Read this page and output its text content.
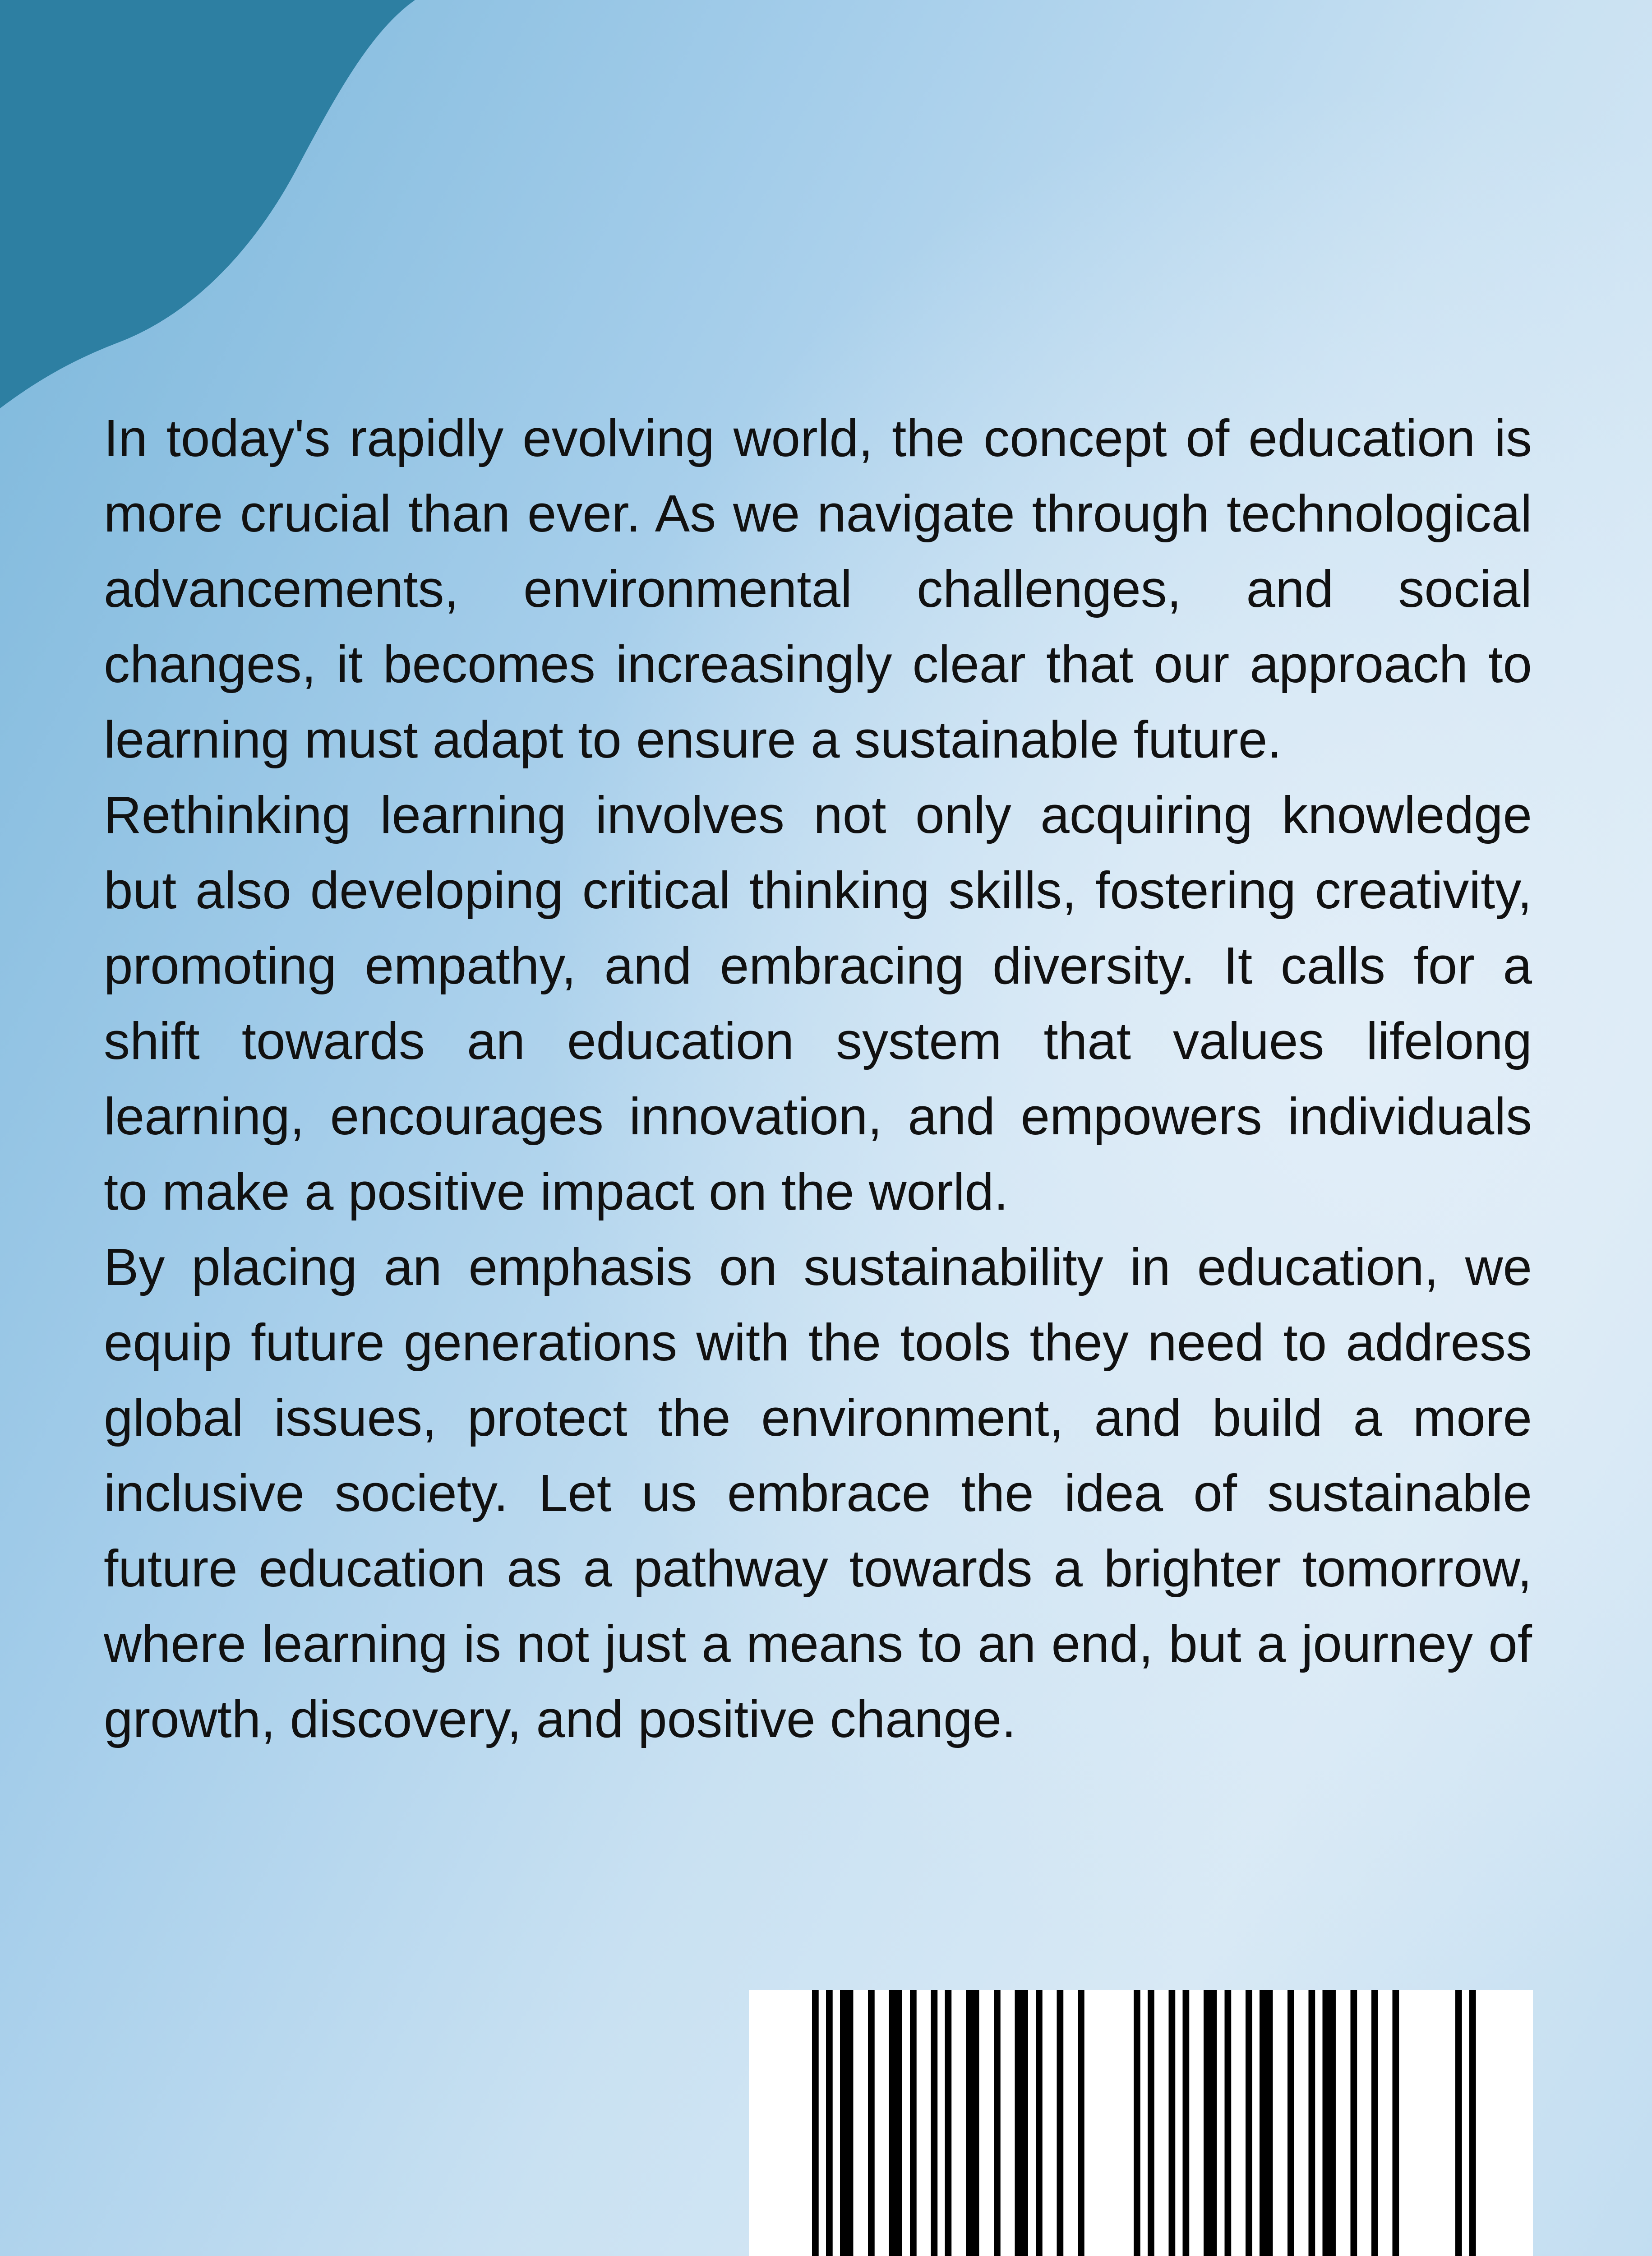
In today's rapidly evolving world, the concept of education is more crucial than ever. As we navigate through technological advancements, environmental challenges, and social changes, it becomes increasingly clear that our approach to learning must adapt to ensure a sustainable future.

Rethinking learning involves not only acquiring knowledge but also developing critical thinking skills, fostering creativity, promoting empathy, and embracing diversity. It calls for a shift towards an education system that values lifelong learning, encourages innovation, and empowers individuals to make a positive impact on the world.

By placing an emphasis on sustainability in education, we equip future generations with the tools they need to address global issues, protect the environment, and build a more inclusive society. Let us embrace the idea of sustainable future education as a pathway towards a brighter tomorrow, where learning is not just a means to an end, but a journey of growth, discovery, and positive change.
